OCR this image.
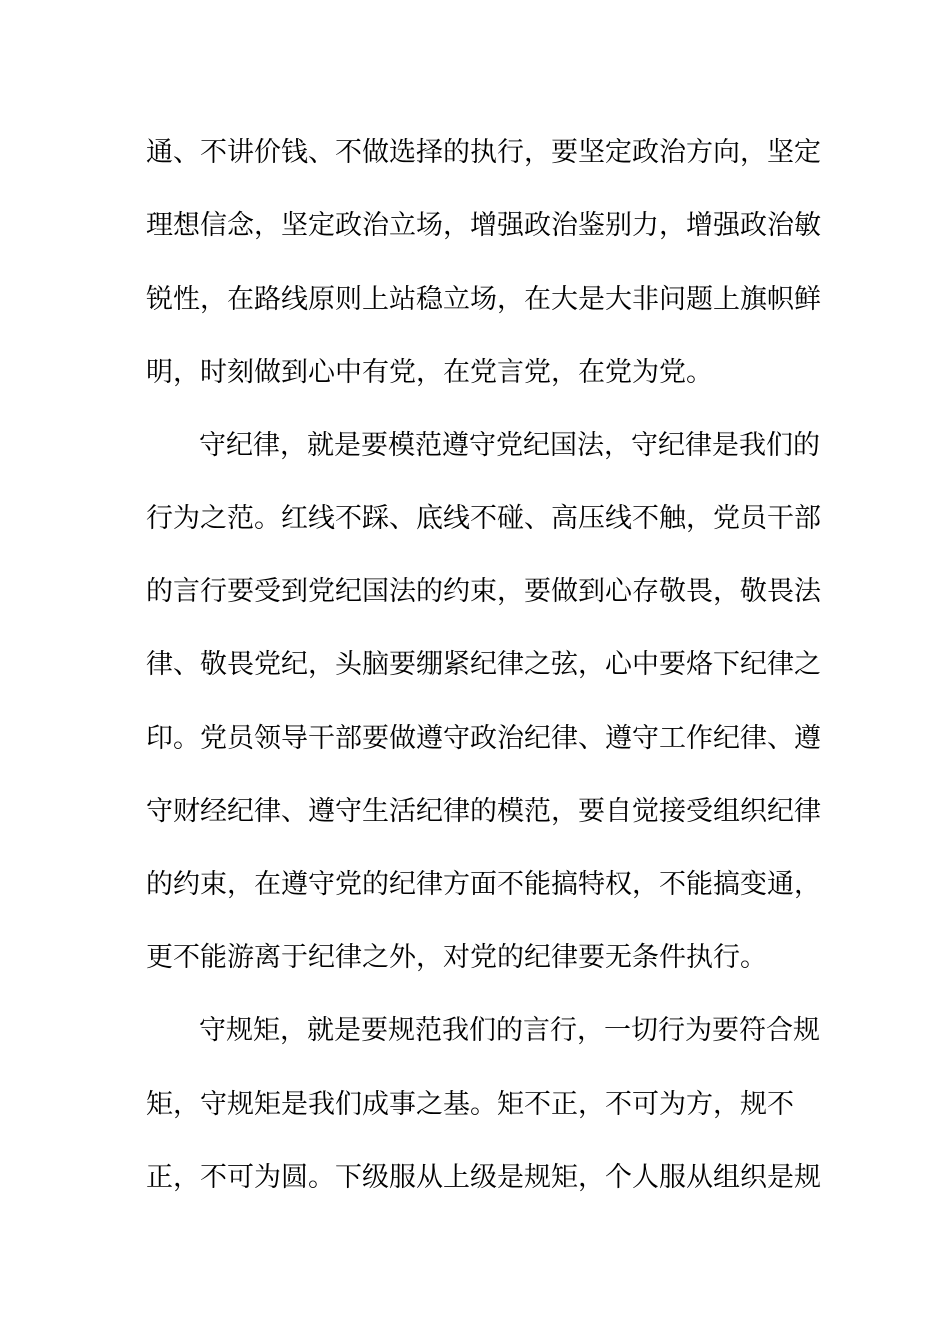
通、不讲价钱、不做选择的执行，要坚定政治方向，坚定
理想信念，坚定政治立场，增强政治鉴别力，增强政治敏
锐性，在路线原则上站稳立场，在大是大非问题上旗帜鲜
明，时刻做到心中有党，在党言党，在党为党。
守纪律，就是要模范遵守党纪国法，守纪律是我们的
行为之范。红线不踩、底线不碰、高压线不触，党员干部
的言行要受到党纪国法的约束，要做到心存敬畏，敬畏法
律、敬畏党纪，头脑要绷紧纪律之弦，心中要烙下纪律之
印。党员领导干部要做遵守政治纪律、遵守工作纪律、遵
守财经纪律、遵守生活纪律的模范，要自觉接受组织纪律
的约束，在遵守党的纪律方面不能搞特权，不能搞变通，
更不能游离于纪律之外，对党的纪律要无条件执行。
守规矩，就是要规范我们的言行，一切行为要符合规
矩，守规矩是我们成事之基。矩不正，不可为方，规不
正，不可为圆。下级服从上级是规矩，个人服从组织是规
